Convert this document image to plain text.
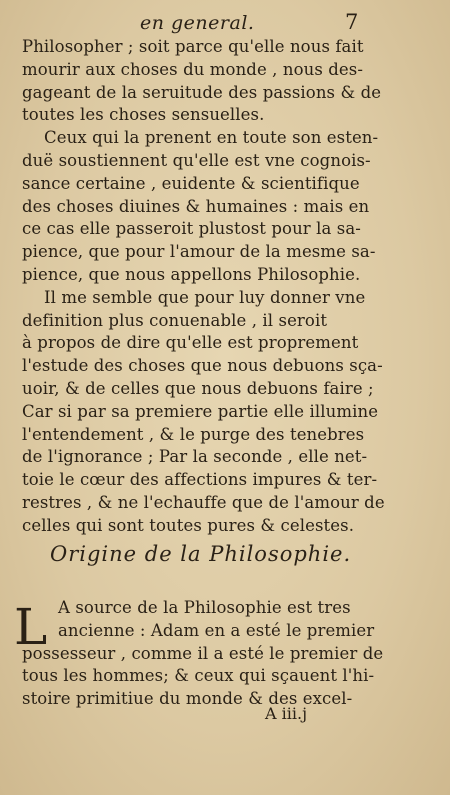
en general.	7
Philosopher ; soit parce qu'elle nous fait
mourir aux choses du monde , nous des-
gageant de la seruitude des passions & de
toutes les choses sensuelles.
Ceux qui la prenent en toute son esten-
duë soustiennent qu'elle est vne cognois-
sance certaine , euidente & scientifique
des choses diuines & humaines : mais en
ce cas elle passeroit plustost pour la sa-
pience, que pour l'amour de la mesme sa-
pience, que nous appellons Philosophie.
Il me semble que pour luy donner vne
definition plus conuenable , il seroit
à propos de dire qu'elle est proprement
l'estude des choses que nous debuons sça-
uoir, & de celles que nous debuons faire ;
Car si par sa premiere partie elle illumine
l'entendement , & le purge des tenebres
de l'ignorance ; Par la seconde , elle net-
toie le cœur des affections impures & ter-
restres , & ne l'echauffe que de l'amour de
celles qui sont toutes pures & celestes.
Origine de la Philosophie.
L A source de la Philosophie est tres
ancienne : Adam en a esté le premier
possesseur , comme il a esté le premier de
tous les hommes; & ceux qui sçauent l'hi-
stoire primitiue du monde & des excel-
A iii.j
